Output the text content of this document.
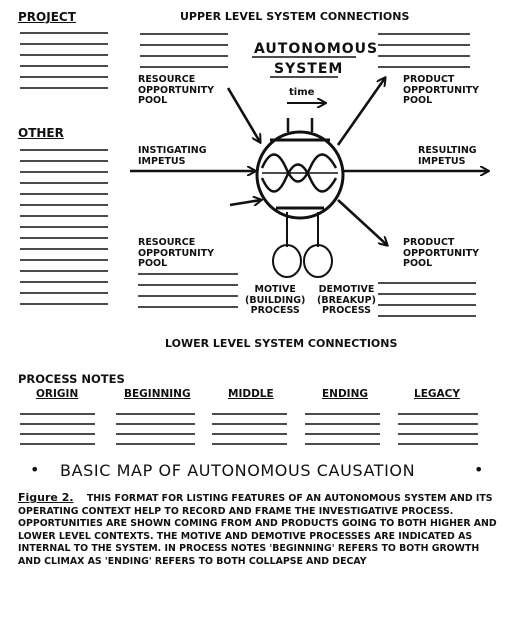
PROJECT	UPPER LEVEL SYSTEM CONNECTIONS
OTHER
AUTONOMOUS
SYSTEM
time
RESOURCE
OPPORTUNITY
POOL
INSTIGATING
IMPETUS
RESOURCE
OPPORTUNITY
POOL
PRODUCT
OPPORTUNITY
POOL
RESULTING
IMPETUS
PRODUCT
OPPORTUNITY
POOL
MOTIVE
(BUILDING)
PROCESS
DEMOTIVE
(BREAKUP)
PROCESS
LOWER LEVEL SYSTEM CONNECTIONS
PROCESS NOTES
ORIGIN	BEGINNING	MIDDLE	ENDING	LEGACY
• BASIC MAP OF AUTONOMOUS CAUSATION	•
Figure 2. THIS FORMAT FOR LISTING FEATURES OF AN AUTONOMOUS SYSTEM AND ITS OPERATING CONTEXT HELP TO RECORD AND FRAME THE INVESTIGATIVE PROCESS. OPPORTUNITIES ARE SHOWN COMING FROM AND PRODUCTS GOING TO BOTH HIGHER AND LOWER LEVEL CONTEXTS. THE MOTIVE AND DEMOTIVE PROCESSES ARE INDICATED AS INTERNAL TO THE SYSTEM. IN PROCESS NOTES 'BEGINNING' REFERS TO BOTH GROWTH AND CLIMAX AS 'ENDING' REFERS TO BOTH COLLAPSE AND DECAY
